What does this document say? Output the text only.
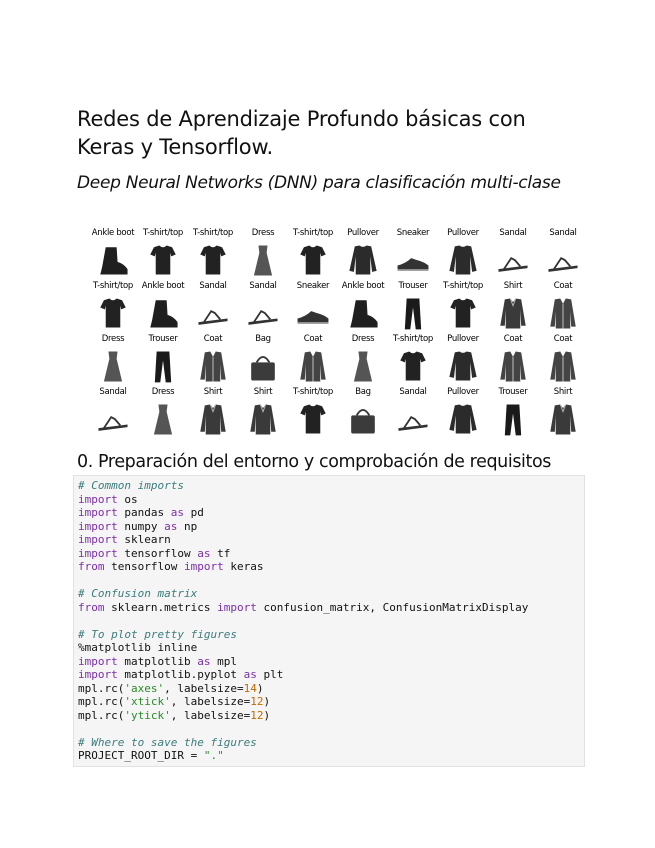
Redes de Aprendizaje Profundo básicas con Keras y Tensorflow.
Deep Neural Networks (DNN) para clasificación multi-clase
Ankle boot T-shirt/top T-shirt/top Dress T-shirt/top Pullover Sneaker Pullover Sandal	Sandal
T-shirt/top Ankle boot Sandal	Sandal Sneaker Ankle boot Trouser T-shirt/top Shirt	Coat
Dress	Trouser	Coat	Bag	Coat	Dress T-shirt/top Pullover	Coat	Coat
Sandal	Dress	Shirt	Shirt T-shirt/top	Bag	Sandal Pullover Trouser	Shirt
0. Preparación del entorno y comprobación de requisitos
# Common imports
import os
import pandas as pd
import numpy as np
import sklearn
import tensorflow as tf
from tensorflow import keras
# Confusion matrix
from sklearn.metrics import confusion_matrix, ConfusionMatrixDisplay
# To plot pretty figures
%matplotlib inline
import matplotlib as mpl
import matplotlib.pyplot as plt
mpl.rc('axes', labelsize=14)
mpl.rc('xtick', labelsize=12)
mpl.rc('ytick', labelsize=12)
# Where to save the figures
PROJECT_ROOT_DIR = "."
